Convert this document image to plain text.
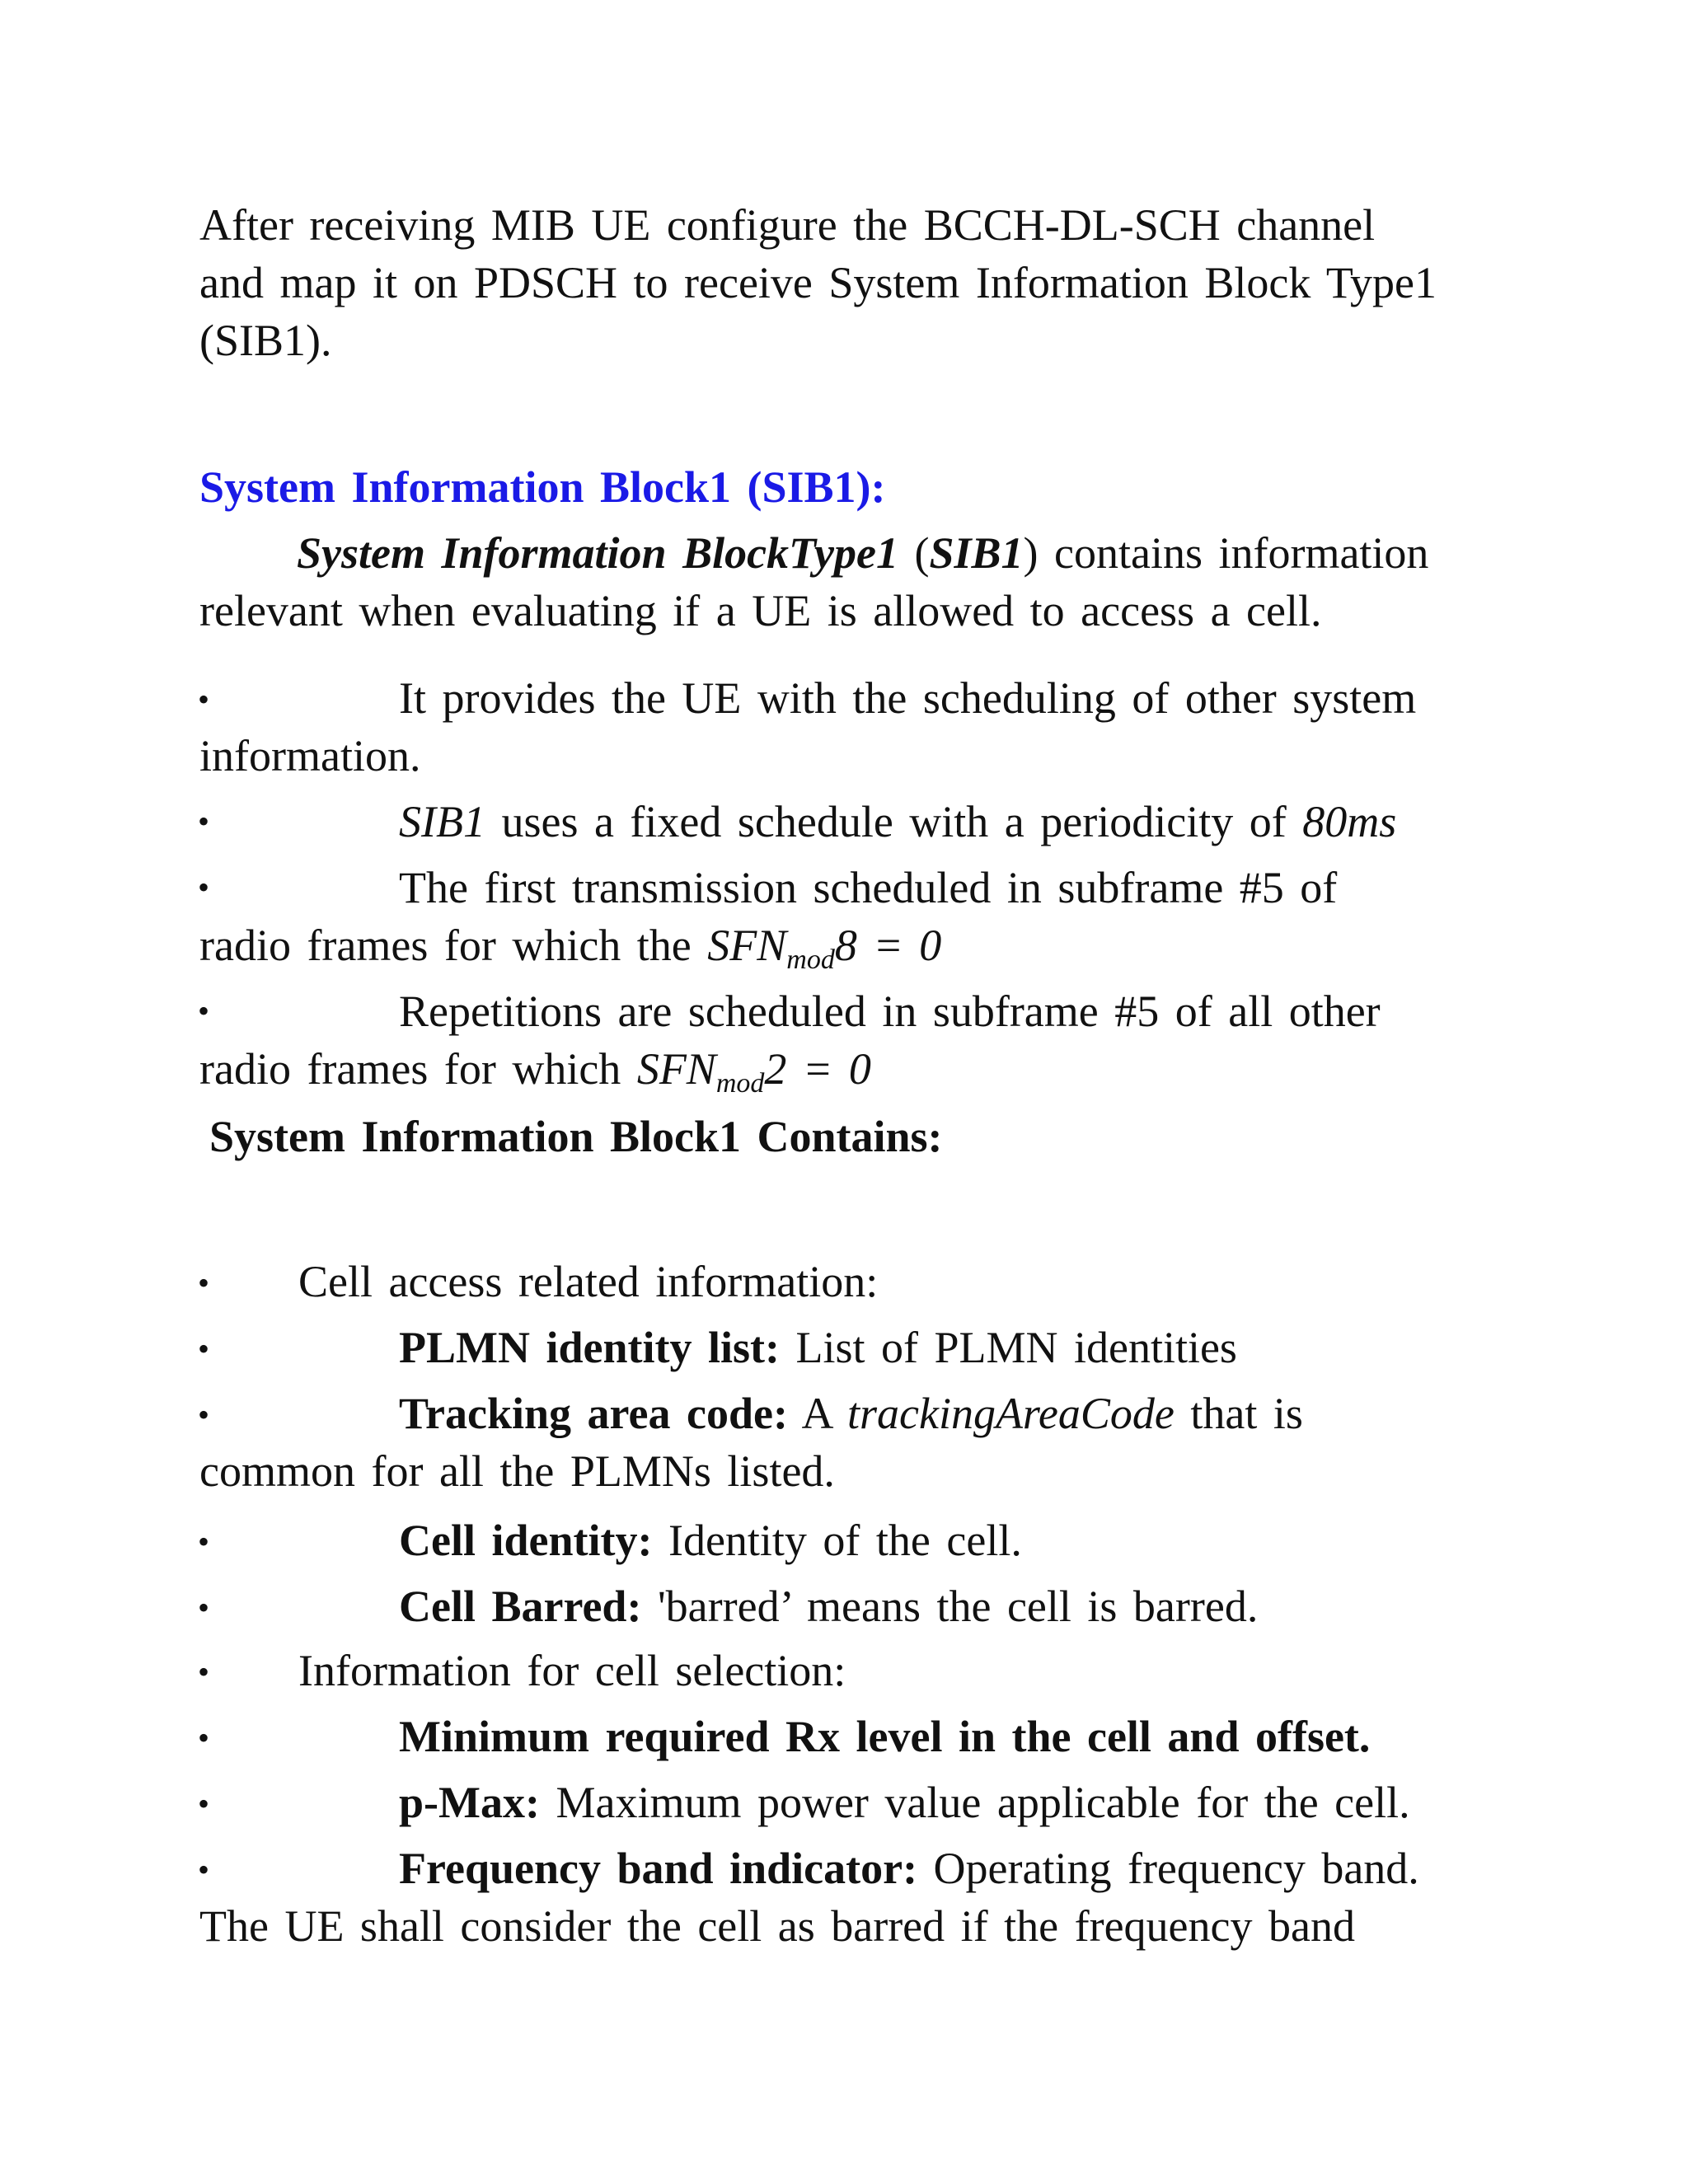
After receiving MIB UE configure the BCCH-DL-SCH channel
and map it on PDSCH to receive System Information Block Type1
(SIB1).
System Information Block1 (SIB1):
System Information BlockType1 (SIB1) contains information
relevant when evaluating if a UE is allowed to access a cell.
•	It provides the UE with the scheduling of other system
information.
•	SIB1 uses a fixed schedule with a periodicity of 80ms
•	The first transmission scheduled in subframe #5 of
radio frames for which the $SFN_{mod}8 = 0$
•	Repetitions are scheduled in subframe #5 of all other
radio frames for which $SFN_{mod}2 = 0$
System Information Block1 Contains:
• Cell access related information:
•	PLMN identity list: List of PLMN identities
•	Tracking area code: A trackingAreaCode that is
common for all the PLMNs listed.
•	Cell identity: Identity of the cell.
•	Cell Barred: 'barred’ means the cell is barred.
• Information for cell selection:
•	Minimum required Rx level in the cell and offset.
•	p-Max: Maximum power value applicable for the cell.
•	Frequency band indicator: Operating frequency band.
The UE shall consider the cell as barred if the frequency band
